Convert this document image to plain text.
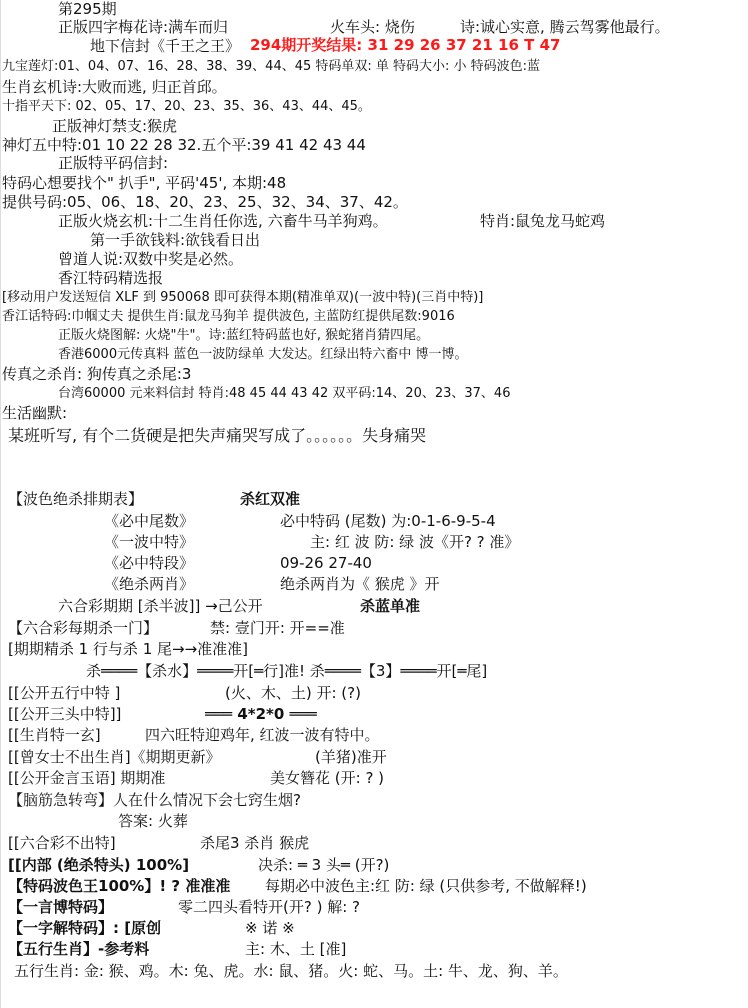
第295期
正版四字梅花诗:满车而归	火车头: 烧伤	诗:诚心实意, 腾云驾雾他最行。
地下信封《千王之王》 294期开奖结果: 31 29 26 37 21 16 T 47
九宝莲灯:01、04、07、16、28、38、39、44、45 特码单双: 单 特码大小: 小 特码波色:蓝
生肖玄机诗:大败而逃, 归正首邱。
十指平天下: 02、05、17、20、23、35、36、43、44、45。
正版神灯禁支:猴虎
神灯五中特:01 10 22 28 32.五个平:39 41 42 43 44
正版特平码信封:
特码心想要找个" 扒手", 平码'45', 本期:48
提供号码:05、06、18、20、23、25、32、34、37、42。
正版火烧玄机:十二生肖任你选, 六畜牛马羊狗鸡。	特肖:鼠兔龙马蛇鸡
第一手欲钱料:欲钱看日出
曾道人说:双数中奖是必然。
香江特码精选报
[移动用户发送短信 XLF 到 950068 即可获得本期(精准单双)(一波中特)(三肖中特)]
香江话特码:巾帼丈夫 提供生肖:鼠龙马狗羊 提供波色, 主蓝防红提供尾数:9016
正版火烧图解: 火烧"牛"。诗:蓝红特码蓝也好, 猴蛇猪肖猜四尾。
香港6000元传真料 蓝色一波防绿单 大发达。红绿出特六畜中 博一博。
传真之杀肖: 狗传真之杀尾:3
台湾60000 元来料信封 特肖:48 45 44 43 42 双平码:14、20、23、37、46
生活幽默:
某班听写, 有个二货硬是把失声痛哭写成了。。。。。。失身痛哭
【波色绝杀排期表】	杀红双准
《必中尾数》	必中特码 (尾数) 为:0-1-6-9-5-4
《一波中特》	主: 红 波 防: 绿 波《开? ? 准》
《必中特段》	09-26 27-40
《绝杀两肖》	绝杀两肖为《 猴虎 》开
六合彩期期 [杀半波]] →己公开	杀蓝单准
【六合彩每期杀一门】	禁: 壹门开: 开==准
[期期精杀 1 行与杀 1 尾→→准准准]
杀════【杀水】════开[═行]准! 杀════【3】════开[═尾]
[[公开五行中特 ]	(火、木、土) 开: (?)
[[公开三头中特]]	═══ 4*2*0 ═══
[[生肖特一玄]	四六旺特迎鸡年, 红波一波有特中。
[[曾女士不出生肖]《期期更新》	(羊猪)准开
[[公开金言玉语] 期期准	美女簪花 (开: ? )
【脑筋急转弯】人在什么情况下会七窍生烟?
答案: 火葬
[[六合彩不出特]	杀尾3 杀肖 猴虎
[[内部 (绝杀特头) 100%]	决杀: ═ 3 头═ (开?)
【特码波色王100%】! ? 准准准 每期必中波色主:红 防: 绿 (只供参考, 不做解释!)
【一言博特码】	零二四头看特开(开? ) 解: ?
【一字解特码】: [原创	※ 诺 ※
【五行生肖】-参考料	主: 木、土 [准]
五行生肖: 金: 猴、鸡。木: 兔、虎。水: 鼠、猪。火: 蛇、马。土: 牛、龙、狗、羊。
